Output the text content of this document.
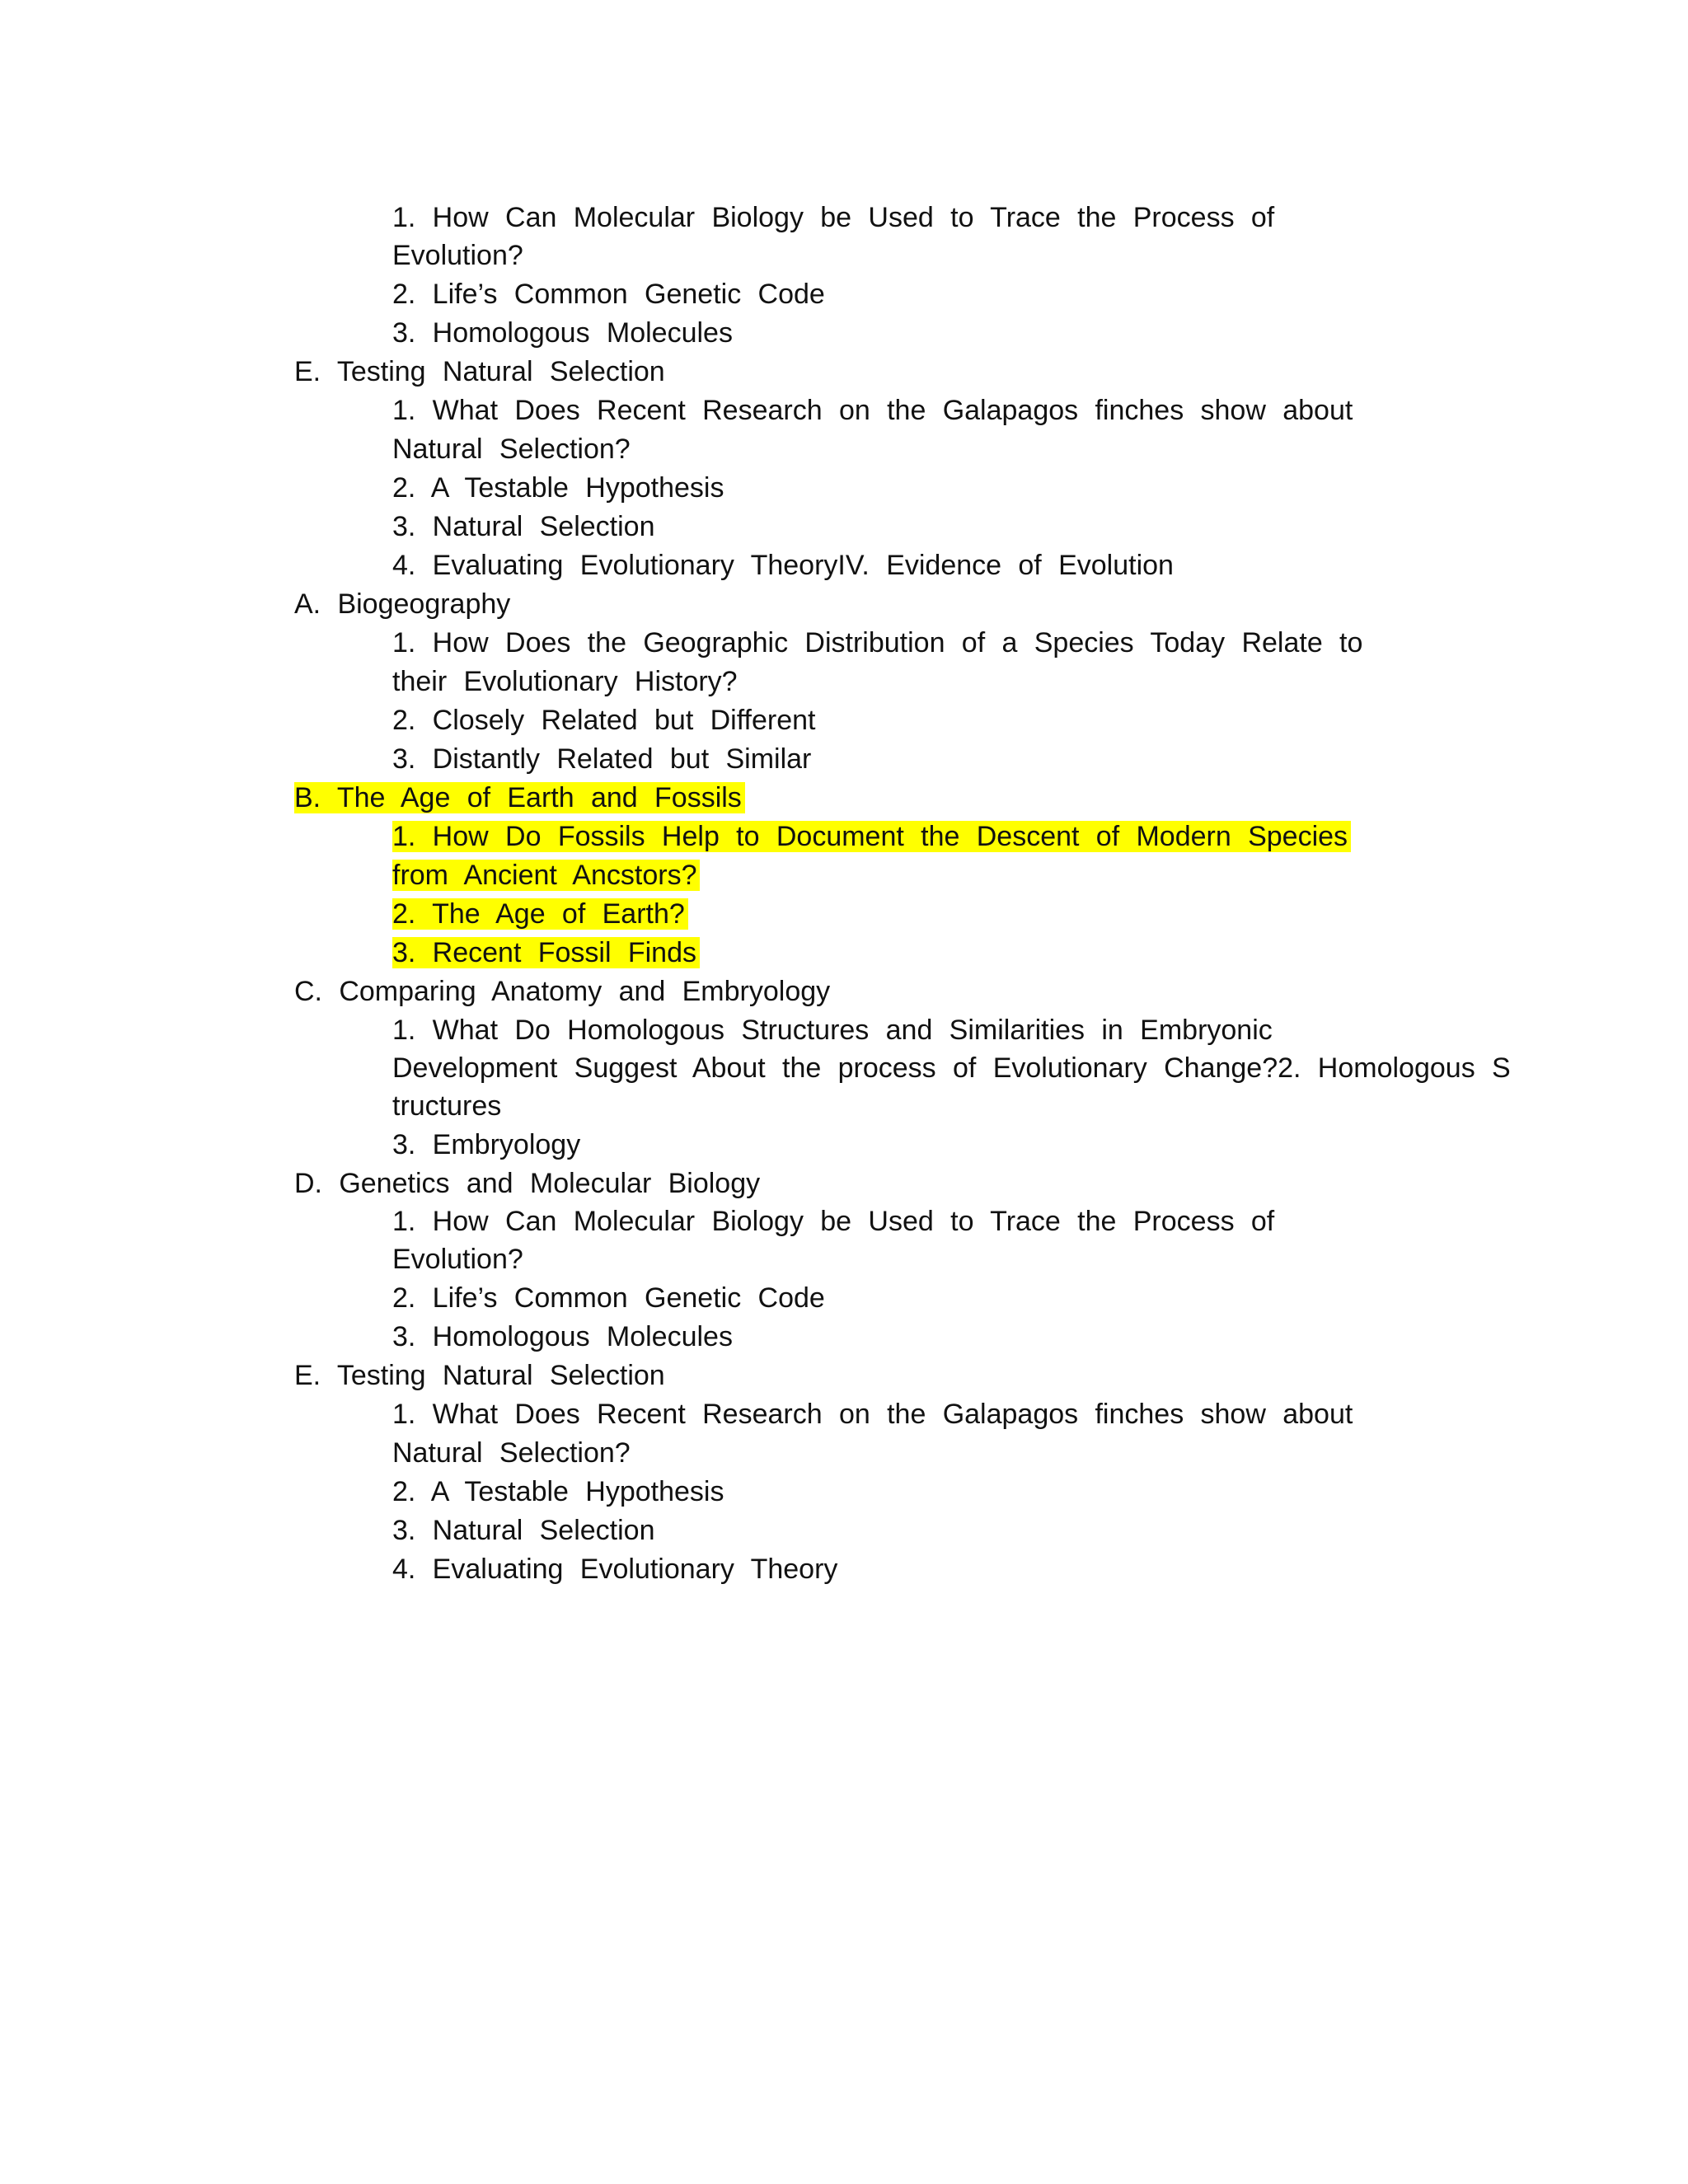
1. How Can Molecular Biology be Used to Trace the Process of
Evolution?
2. Life’s Common Genetic Code
3. Homologous Molecules
E. Testing Natural Selection
1. What Does Recent Research on the Galapagos finches show about
Natural Selection?
2. A Testable Hypothesis
3. Natural Selection
4. Evaluating Evolutionary TheoryIV. Evidence of Evolution
A. Biogeography
1. How Does the Geographic Distribution of a Species Today Relate to
their Evolutionary History?
2. Closely Related but Different
3. Distantly Related but Similar
B. The Age of Earth and Fossils
1. How Do Fossils Help to Document the Descent of Modern Species
from Ancient Ancstors?
2. The Age of Earth?
3. Recent Fossil Finds
C. Comparing Anatomy and Embryology
1. What Do Homologous Structures and Similarities in Embryonic
Development Suggest About the process of Evolutionary Change?2. Homologous S
tructures
3. Embryology
D. Genetics and Molecular Biology
1. How Can Molecular Biology be Used to Trace the Process of
Evolution?
2. Life’s Common Genetic Code
3. Homologous Molecules
E. Testing Natural Selection
1. What Does Recent Research on the Galapagos finches show about
Natural Selection?
2. A Testable Hypothesis
3. Natural Selection
4. Evaluating Evolutionary Theory
